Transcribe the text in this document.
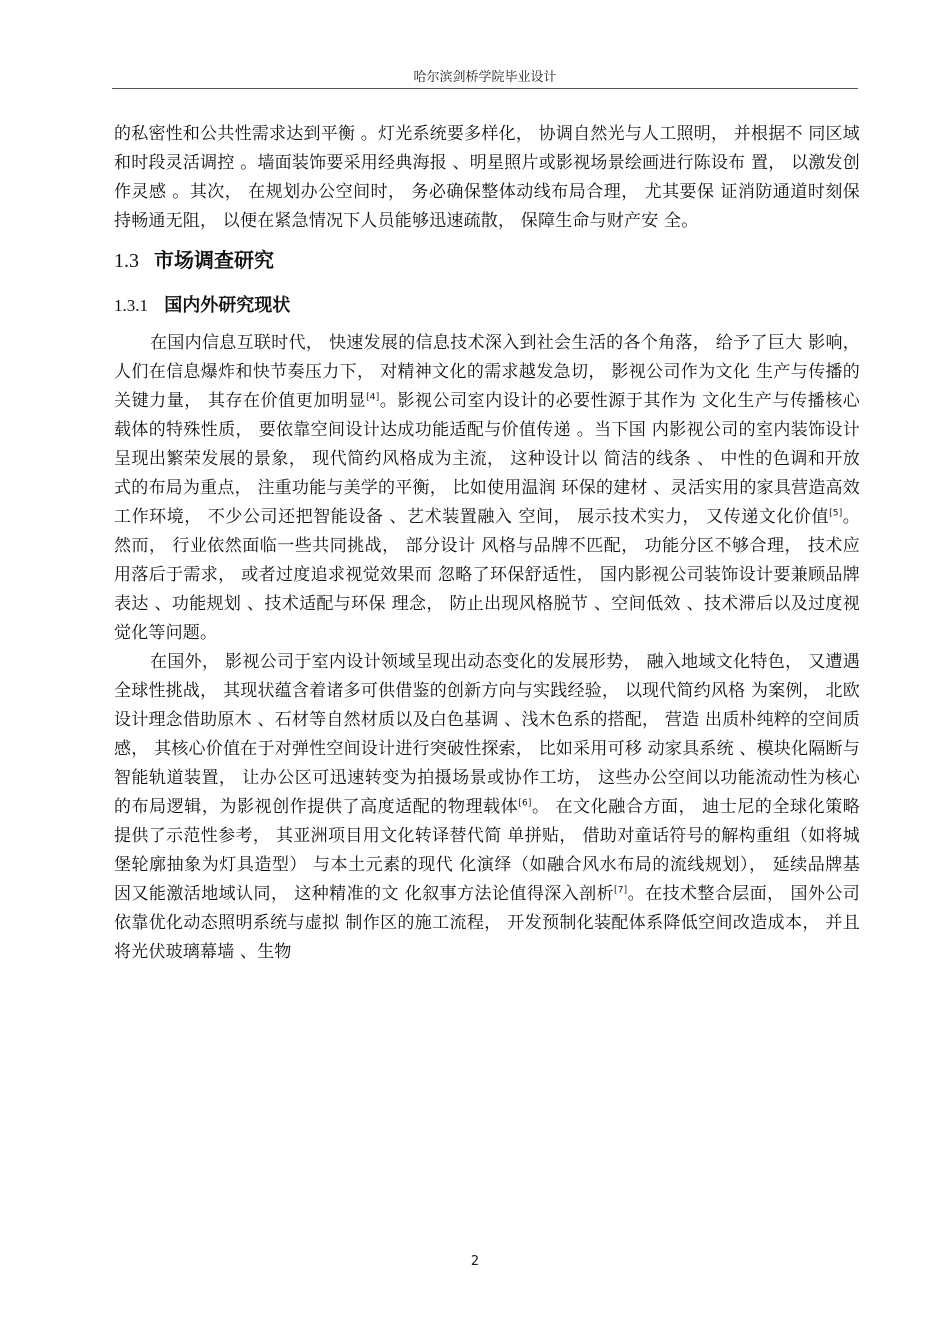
哈尔滨剑桥学院毕业设计

的私密性和公共性需求达到平衡 。灯光系统要多样化， 协调自然光与人工照明， 并根据不 同区域和时段灵活调控 。墙面装饰要采用经典海报 、明星照片或影视场景绘画进行陈设布 置， 以激发创作灵感 。其次， 在规划办公空间时， 务必确保整体动线布局合理， 尤其要保 证消防通道时刻保持畅通无阻， 以便在紧急情况下人员能够迅速疏散， 保障生命与财产安 全。

1.3 市场调查研究
1.3.1 国内外研究现状

在国内信息互联时代， 快速发展的信息技术深入到社会生活的各个角落， 给予了巨大 影响， 人们在信息爆炸和快节奏压力下， 对精神文化的需求越发急切， 影视公司作为文化 生产与传播的关键力量， 其存在价值更加明显[4]。影视公司室内设计的必要性源于其作为 文化生产与传播核心载体的特殊性质， 要依靠空间设计达成功能适配与价值传递 。当下国 内影视公司的室内装饰设计呈现出繁荣发展的景象， 现代简约风格成为主流， 这种设计以 简洁的线条 、 中性的色调和开放式的布局为重点， 注重功能与美学的平衡， 比如使用温润 环保的建材 、灵活实用的家具营造高效工作环境， 不少公司还把智能设备 、艺术装置融入 空间， 展示技术实力， 又传递文化价值[5]。然而， 行业依然面临一些共同挑战， 部分设计 风格与品牌不匹配， 功能分区不够合理， 技术应用落后于需求， 或者过度追求视觉效果而 忽略了环保舒适性， 国内影视公司装饰设计要兼顾品牌表达 、功能规划 、技术适配与环保 理念， 防止出现风格脱节 、空间低效 、技术滞后以及过度视觉化等问题。

在国外， 影视公司于室内设计领域呈现出动态变化的发展形势， 融入地域文化特色， 又遭遇全球性挑战， 其现状蕴含着诸多可供借鉴的创新方向与实践经验， 以现代简约风格 为案例， 北欧设计理念借助原木 、石材等自然材质以及白色基调 、浅木色系的搭配， 营造 出质朴纯粹的空间质感， 其核心价值在于对弹性空间设计进行突破性探索， 比如采用可移 动家具系统 、模块化隔断与智能轨道装置， 让办公区可迅速转变为拍摄场景或协作工坊， 这些办公空间以功能流动性为核心的布局逻辑，为影视创作提供了高度适配的物理载体[6]。 在文化融合方面， 迪士尼的全球化策略提供了示范性参考， 其亚洲项目用文化转译替代简 单拼贴， 借助对童话符号的解构重组（如将城堡轮廓抽象为灯具造型） 与本土元素的现代 化演绎（如融合风水布局的流线规划）， 延续品牌基因又能激活地域认同， 这种精准的文 化叙事方法论值得深入剖析[7]。在技术整合层面， 国外公司依靠优化动态照明系统与虚拟 制作区的施工流程， 开发预制化装配体系降低空间改造成本， 并且将光伏玻璃幕墙 、生物

2
